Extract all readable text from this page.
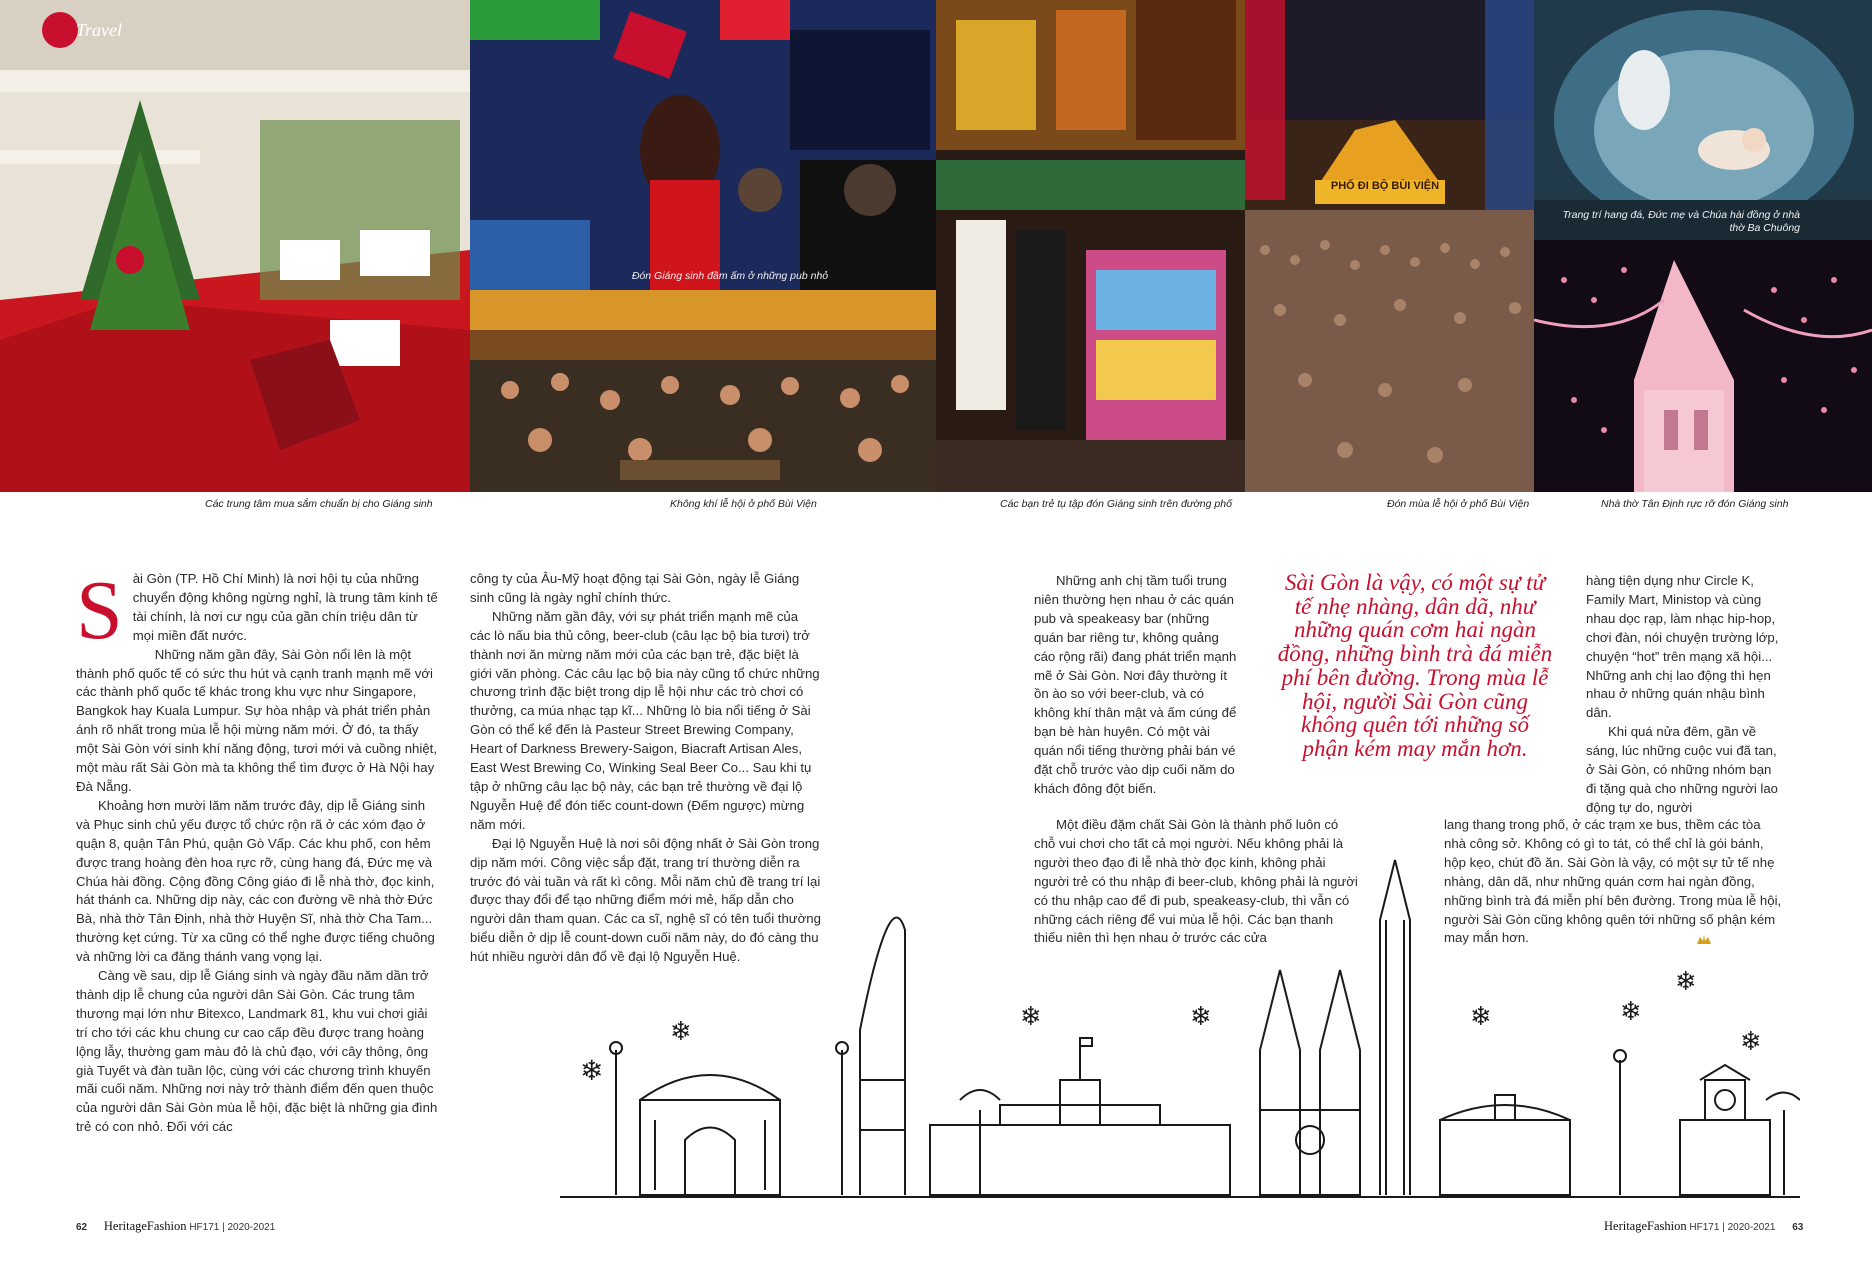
Travel
Đón Giáng sinh đầm ấm ở những pub nhỏ
PHỐ ĐI BỘ BÙI VIỆN
Trang trí hang đá, Đức mẹ và Chúa hài đồng ở nhà thờ Ba Chuông
Các trung tâm mua sắm chuẩn bị cho Giáng sinh	Không khí lễ hội ở phố Bùi Viện	Các bạn trẻ tụ tập đón Giáng sinh trên đường phố	Đón mùa lễ hội ở phố Bùi Viện	Nhà thờ Tân Định rực rỡ đón Giáng sinh

Sài Gòn (TP. Hồ Chí Minh) là nơi hội tụ của những chuyển động không ngừng nghỉ, là trung tâm kinh tế tài chính, là nơi cư ngụ của gần chín triệu dân từ mọi miền đất nước.

Những năm gần đây, Sài Gòn nổi lên là một thành phố quốc tế có sức thu hút và cạnh tranh mạnh mẽ với các thành phố quốc tế khác trong khu vực như Singapore, Bangkok hay Kuala Lumpur. Sự hòa nhập và phát triển phản ánh rõ nhất trong mùa lễ hội mừng năm mới. Ở đó, ta thấy một Sài Gòn với sinh khí năng động, tươi mới và cuồng nhiệt, một màu rất Sài Gòn mà ta không thể tìm được ở Hà Nội hay Đà Nẵng.

Khoảng hơn mười lăm năm trước đây, dịp lễ Giáng sinh và Phục sinh chủ yếu được tổ chức rộn rã ở các xóm đạo ở quận 8, quận Tân Phú, quận Gò Vấp. Các khu phố, con hẻm được trang hoàng đèn hoa rực rỡ, cùng hang đá, Đức mẹ và Chúa hài đồng. Cộng đồng Công giáo đi lễ nhà thờ, đọc kinh, hát thánh ca. Những dịp này, các con đường về nhà thờ Đức Bà, nhà thờ Tân Định, nhà thờ Huyện Sĩ, nhà thờ Cha Tam... thường kẹt cứng. Từ xa cũng có thể nghe được tiếng chuông và những lời ca đăng thánh vang vọng lại.

Càng về sau, dịp lễ Giáng sinh và ngày đầu năm dần trở thành dịp lễ chung của người dân Sài Gòn. Các trung tâm thương mại lớn như Bitexco, Landmark 81, khu vui chơi giải trí cho tới các khu chung cư cao cấp đều được trang hoàng lộng lẫy, thường gam màu đỏ là chủ đạo, với cây thông, ông già Tuyết và đàn tuần lộc, cùng với các chương trình khuyến mãi cuối năm. Những nơi này trở thành điểm đến quen thuộc của người dân Sài Gòn mùa lễ hội, đặc biệt là những gia đình trẻ có con nhỏ. Đối với các

công ty của Âu-Mỹ hoạt động tại Sài Gòn, ngày lễ Giáng sinh cũng là ngày nghỉ chính thức.

Những năm gần đây, với sự phát triển mạnh mẽ của các lò nấu bia thủ công, beer-club (câu lạc bộ bia tươi) trở thành nơi ăn mừng năm mới của các bạn trẻ, đặc biệt là giới văn phòng. Các câu lạc bộ bia này cũng tổ chức những chương trình đặc biệt trong dịp lễ hội như các trò chơi có thưởng, ca múa nhạc tạp kĩ... Những lò bia nổi tiếng ở Sài Gòn có thể kể đến là Pasteur Street Brewing Company, Heart of Darkness Brewery-Saigon, Biacraft Artisan Ales, East West Brewing Co, Winking Seal Beer Co... Sau khi tụ tập ở những câu lạc bộ này, các bạn trẻ thường về đại lộ Nguyễn Huệ để đón tiếc count-down (Đếm ngược) mừng năm mới.

Đại lộ Nguyễn Huệ là nơi sôi động nhất ở Sài Gòn trong dịp năm mới. Công việc sắp đặt, trang trí thường diễn ra trước đó vài tuần và rất kì công. Mỗi năm chủ đề trang trí lại được thay đổi để tạo những điểm mới mẻ, hấp dẫn cho người dân tham quan. Các ca sĩ, nghệ sĩ có tên tuổi thường biểu diễn ở dịp lễ count-down cuối năm này, do đó càng thu hút nhiều người dân đổ về đại lộ Nguyễn Huệ.

Những anh chị tầm tuổi trung niên thường hẹn nhau ở các quán pub và speakeasy bar (những quán bar riêng tư, không quảng cáo rộng rãi) đang phát triển mạnh mẽ ở Sài Gòn. Nơi đây thường ít ồn ào so với beer-club, và có không khí thân mật và ấm cúng để bạn bè hàn huyên. Có một vài quán nổi tiếng thường phải bán vé đặt chỗ trước vào dịp cuối năm do khách đông đột biến.

Một điều đặm chất Sài Gòn là thành phố luôn có chỗ vui chơi cho tất cả mọi người. Nếu không phải là người theo đạo đi lễ nhà thờ đọc kinh, không phải người trẻ có thu nhập đi beer-club, không phải là người có thu nhập cao để đi pub, speakeasy-club, thì vẫn có những cách riêng để vui mùa lễ hội. Các bạn thanh thiếu niên thì hẹn nhau ở trước các cửa

Sài Gòn là vậy, có một sự tử tế nhẹ nhàng, dân dã, như những quán cơm hai ngàn đồng, những bình trà đá miễn phí bên đường. Trong mùa lễ hội, người Sài Gòn cũng không quên tới những số phận kém may mắn hơn.

hàng tiện dụng như Circle K, Family Mart, Ministop và cùng nhau dọc rạp, làm nhạc hip-hop, chơi đàn, nói chuyện trường lớp, chuyện “hot” trên mạng xã hội... Những anh chị lao động thì hẹn nhau ở những quán nhậu bình dân.

Khi quá nửa đêm, gần về sáng, lúc những cuộc vui đã tan, ở Sài Gòn, có những nhóm bạn đi tặng quà cho những người lao động tự do, người

lang thang trong phố, ở các trạm xe bus, thềm các tòa nhà công sở. Không có gì to tát, có thể chỉ là gói bánh, hộp kẹo, chút đồ ăn. Sài Gòn là vậy, có một sự tử tế nhẹ nhàng, dân dã, như những quán cơm hai ngàn đồng, những bình trà đá miễn phí bên đường. Trong mùa lễ hội, người Sài Gòn cũng không quên tới những số phận kém may mắn hơn.

❄
❄	❄	❄	❄	❄
❄
❄
62 HeritageFashion HF171 | 2020-2021	HeritageFashion HF171 | 2020-2021 63
